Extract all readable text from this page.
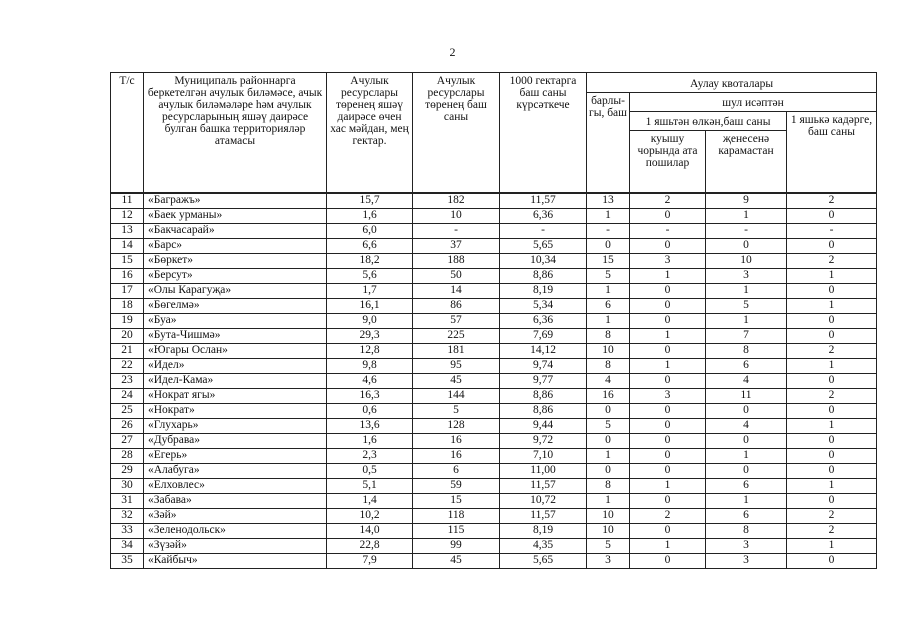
2
Т/с	Муниципаль районнарга беркетелгән ачулык биләмәсе, ачык ачулык биләмәләре һәм ачулык ресурсларының яшәү даирәсе булган башка территорияләр атамасы	Ачулык ресурслары төренең яшәү даирәсе өчен хас мәйдан, мең гектар.	Ачулык ресурслары төренең баш саны	1000 гектарга баш саны күрсәткече	Аулау квоталары			
					барлы-гы, баш	шул исәптән		
						1 яшьтән өлкән,баш саны		1 яшькә кадәрге, баш саны
						куышу чорында ата пошилар	җенесенә карамастан	
11	«Багражъ»	15,7	182	11,57	13	2	9	2
12	«Баек урманы»	1,6	10	6,36	1	0	1	0
13	«Бакчасарай»	6,0	-	-	-	-	-	-
14	«Барс»	6,6	37	5,65	0	0	0	0
15	«Бөркет»	18,2	188	10,34	15	3	10	2
16	«Берсут»	5,6	50	8,86	5	1	3	1
17	«Олы Карагуҗа»	1,7	14	8,19	1	0	1	0
18	«Бөгелмә»	16,1	86	5,34	6	0	5	1
19	«Буа»	9,0	57	6,36	1	0	1	0
20	«Бута-Чишмә»	29,3	225	7,69	8	1	7	0
21	«Югары Ослан»	12,8	181	14,12	10	0	8	2
22	«Идел»	9,8	95	9,74	8	1	6	1
23	«Идел-Кама»	4,6	45	9,77	4	0	4	0
24	«Нократ ягы»	16,3	144	8,86	16	3	11	2
25	«Нократ»	0,6	5	8,86	0	0	0	0
26	«Глухарь»	13,6	128	9,44	5	0	4	1
27	«Дубрава»	1,6	16	9,72	0	0	0	0
28	«Егерь»	2,3	16	7,10	1	0	1	0
29	«Алабуга»	0,5	6	11,00	0	0	0	0
30	«Елховлес»	5,1	59	11,57	8	1	6	1
31	«Забава»	1,4	15	10,72	1	0	1	0
32	«Зәй»	10,2	118	11,57	10	2	6	2
33	«Зеленодольск»	14,0	115	8,19	10	0	8	2
34	«Зүзәй»	22,8	99	4,35	5	1	3	1
35	«Кайбыч»	7,9	45	5,65	3	0	3	0
